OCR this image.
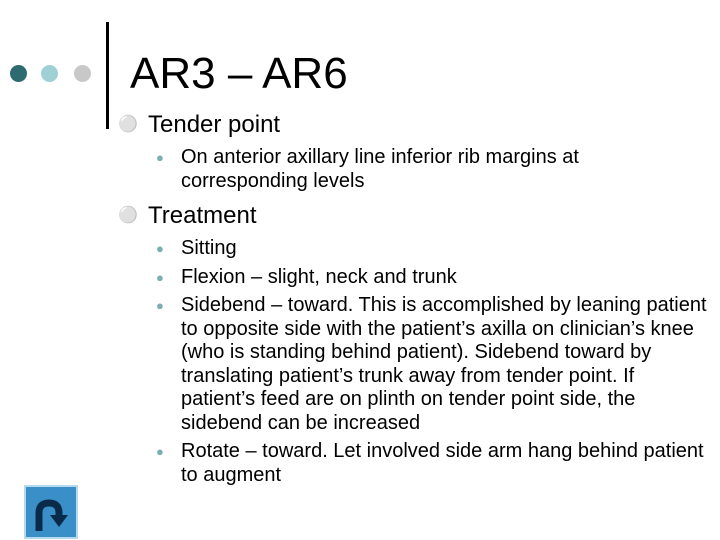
AR3 – AR6
⚪ Tender point
● On anterior axillary line inferior rib margins at corresponding levels
⚪ Treatment
● Sitting
● Flexion – slight, neck and trunk
● Sidebend – toward. This is accomplished by leaning patient to opposite side with the patient’s axilla on clinician’s knee (who is standing behind patient). Sidebend toward by translating patient’s trunk away from tender point. If patient’s feed are on plinth on tender point side, the sidebend can be increased
● Rotate – toward. Let involved side arm hang behind patient to augment
